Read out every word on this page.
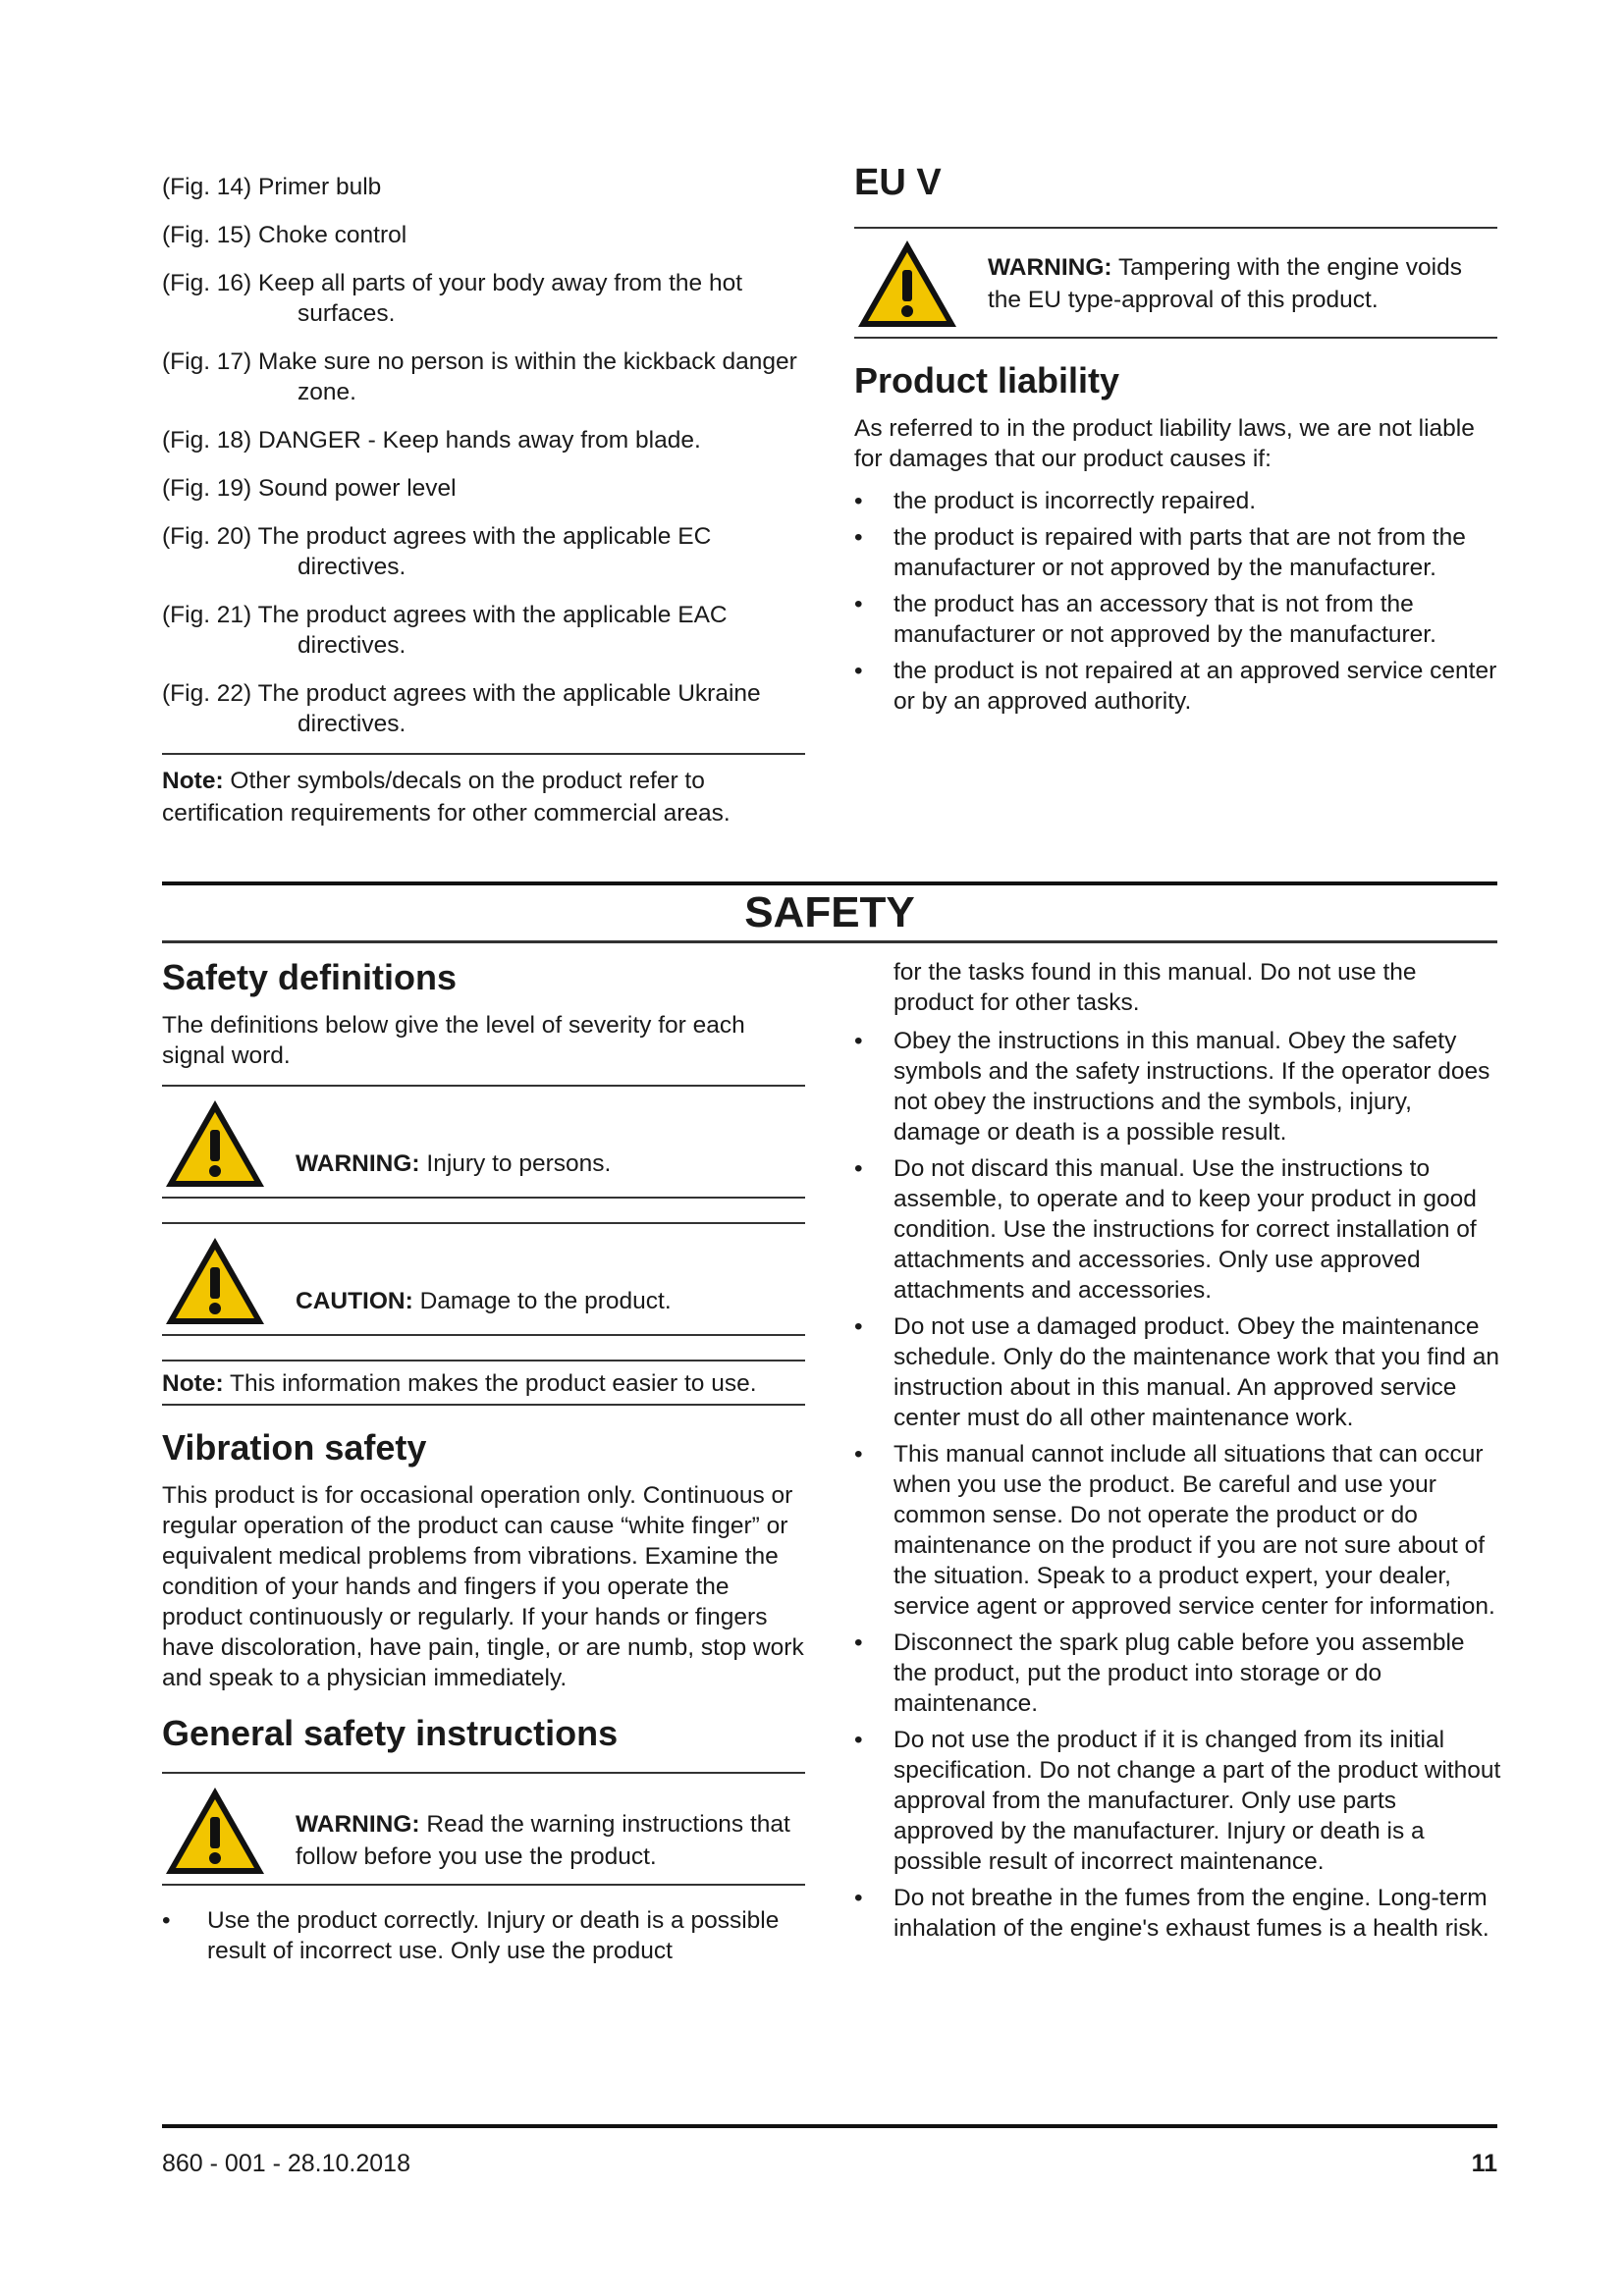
(Fig. 14) Primer bulb

(Fig. 15) Choke control

(Fig. 16) Keep all parts of your body away from the hot surfaces.

(Fig. 17) Make sure no person is within the kickback danger zone.

(Fig. 18) DANGER - Keep hands away from blade.

(Fig. 19) Sound power level

(Fig. 20) The product agrees with the applicable EC directives.

(Fig. 21) The product agrees with the applicable EAC directives.

(Fig. 22) The product agrees with the applicable Ukraine directives.

Note: Other symbols/decals on the product refer to certification requirements for other commercial areas.

EU V
WARNING: Tampering with the engine voids the EU type-approval of this product.
Product liability

As referred to in the product liability laws, we are not liable for damages that our product causes if:

•	the product is incorrectly repaired.
•	the product is repaired with parts that are not from the manufacturer or not approved by the manufacturer.
•	the product has an accessory that is not from the manufacturer or not approved by the manufacturer.
•	the product is not repaired at an approved service center or by an approved authority.
SAFETY
Safety definitions

The definitions below give the level of severity for each signal word.

WARNING: Injury to persons.
CAUTION: Damage to the product.

Note: This information makes the product easier to use.

Vibration safety

This product is for occasional operation only. Continuous or regular operation of the product can cause “white finger” or equivalent medical problems from vibrations. Examine the condition of your hands and fingers if you operate the product continuously or regularly. If your hands or fingers have discoloration, have pain, tingle, or are numb, stop work and speak to a physician immediately.

General safety instructions
WARNING: Read the warning instructions that follow before you use the product.
•	Use the product correctly. Injury or death is a possible result of incorrect use. Only use the product

for the tasks found in this manual. Do not use the product for other tasks.

•	Obey the instructions in this manual. Obey the safety symbols and the safety instructions. If the operator does not obey the instructions and the symbols, injury, damage or death is a possible result.
•	Do not discard this manual. Use the instructions to assemble, to operate and to keep your product in good condition. Use the instructions for correct installation of attachments and accessories. Only use approved attachments and accessories.
•	Do not use a damaged product. Obey the maintenance schedule. Only do the maintenance work that you find an instruction about in this manual. An approved service center must do all other maintenance work.
•	This manual cannot include all situations that can occur when you use the product. Be careful and use your common sense. Do not operate the product or do maintenance on the product if you are not sure about of the situation. Speak to a product expert, your dealer, service agent or approved service center for information.
•	Disconnect the spark plug cable before you assemble the product, put the product into storage or do maintenance.
•	Do not use the product if it is changed from its initial specification. Do not change a part of the product without approval from the manufacturer. Only use parts approved by the manufacturer. Injury or death is a possible result of incorrect maintenance.
•	Do not breathe in the fumes from the engine. Long-term inhalation of the engine's exhaust fumes is a health risk.
860 - 001 - 28.10.2018	11
